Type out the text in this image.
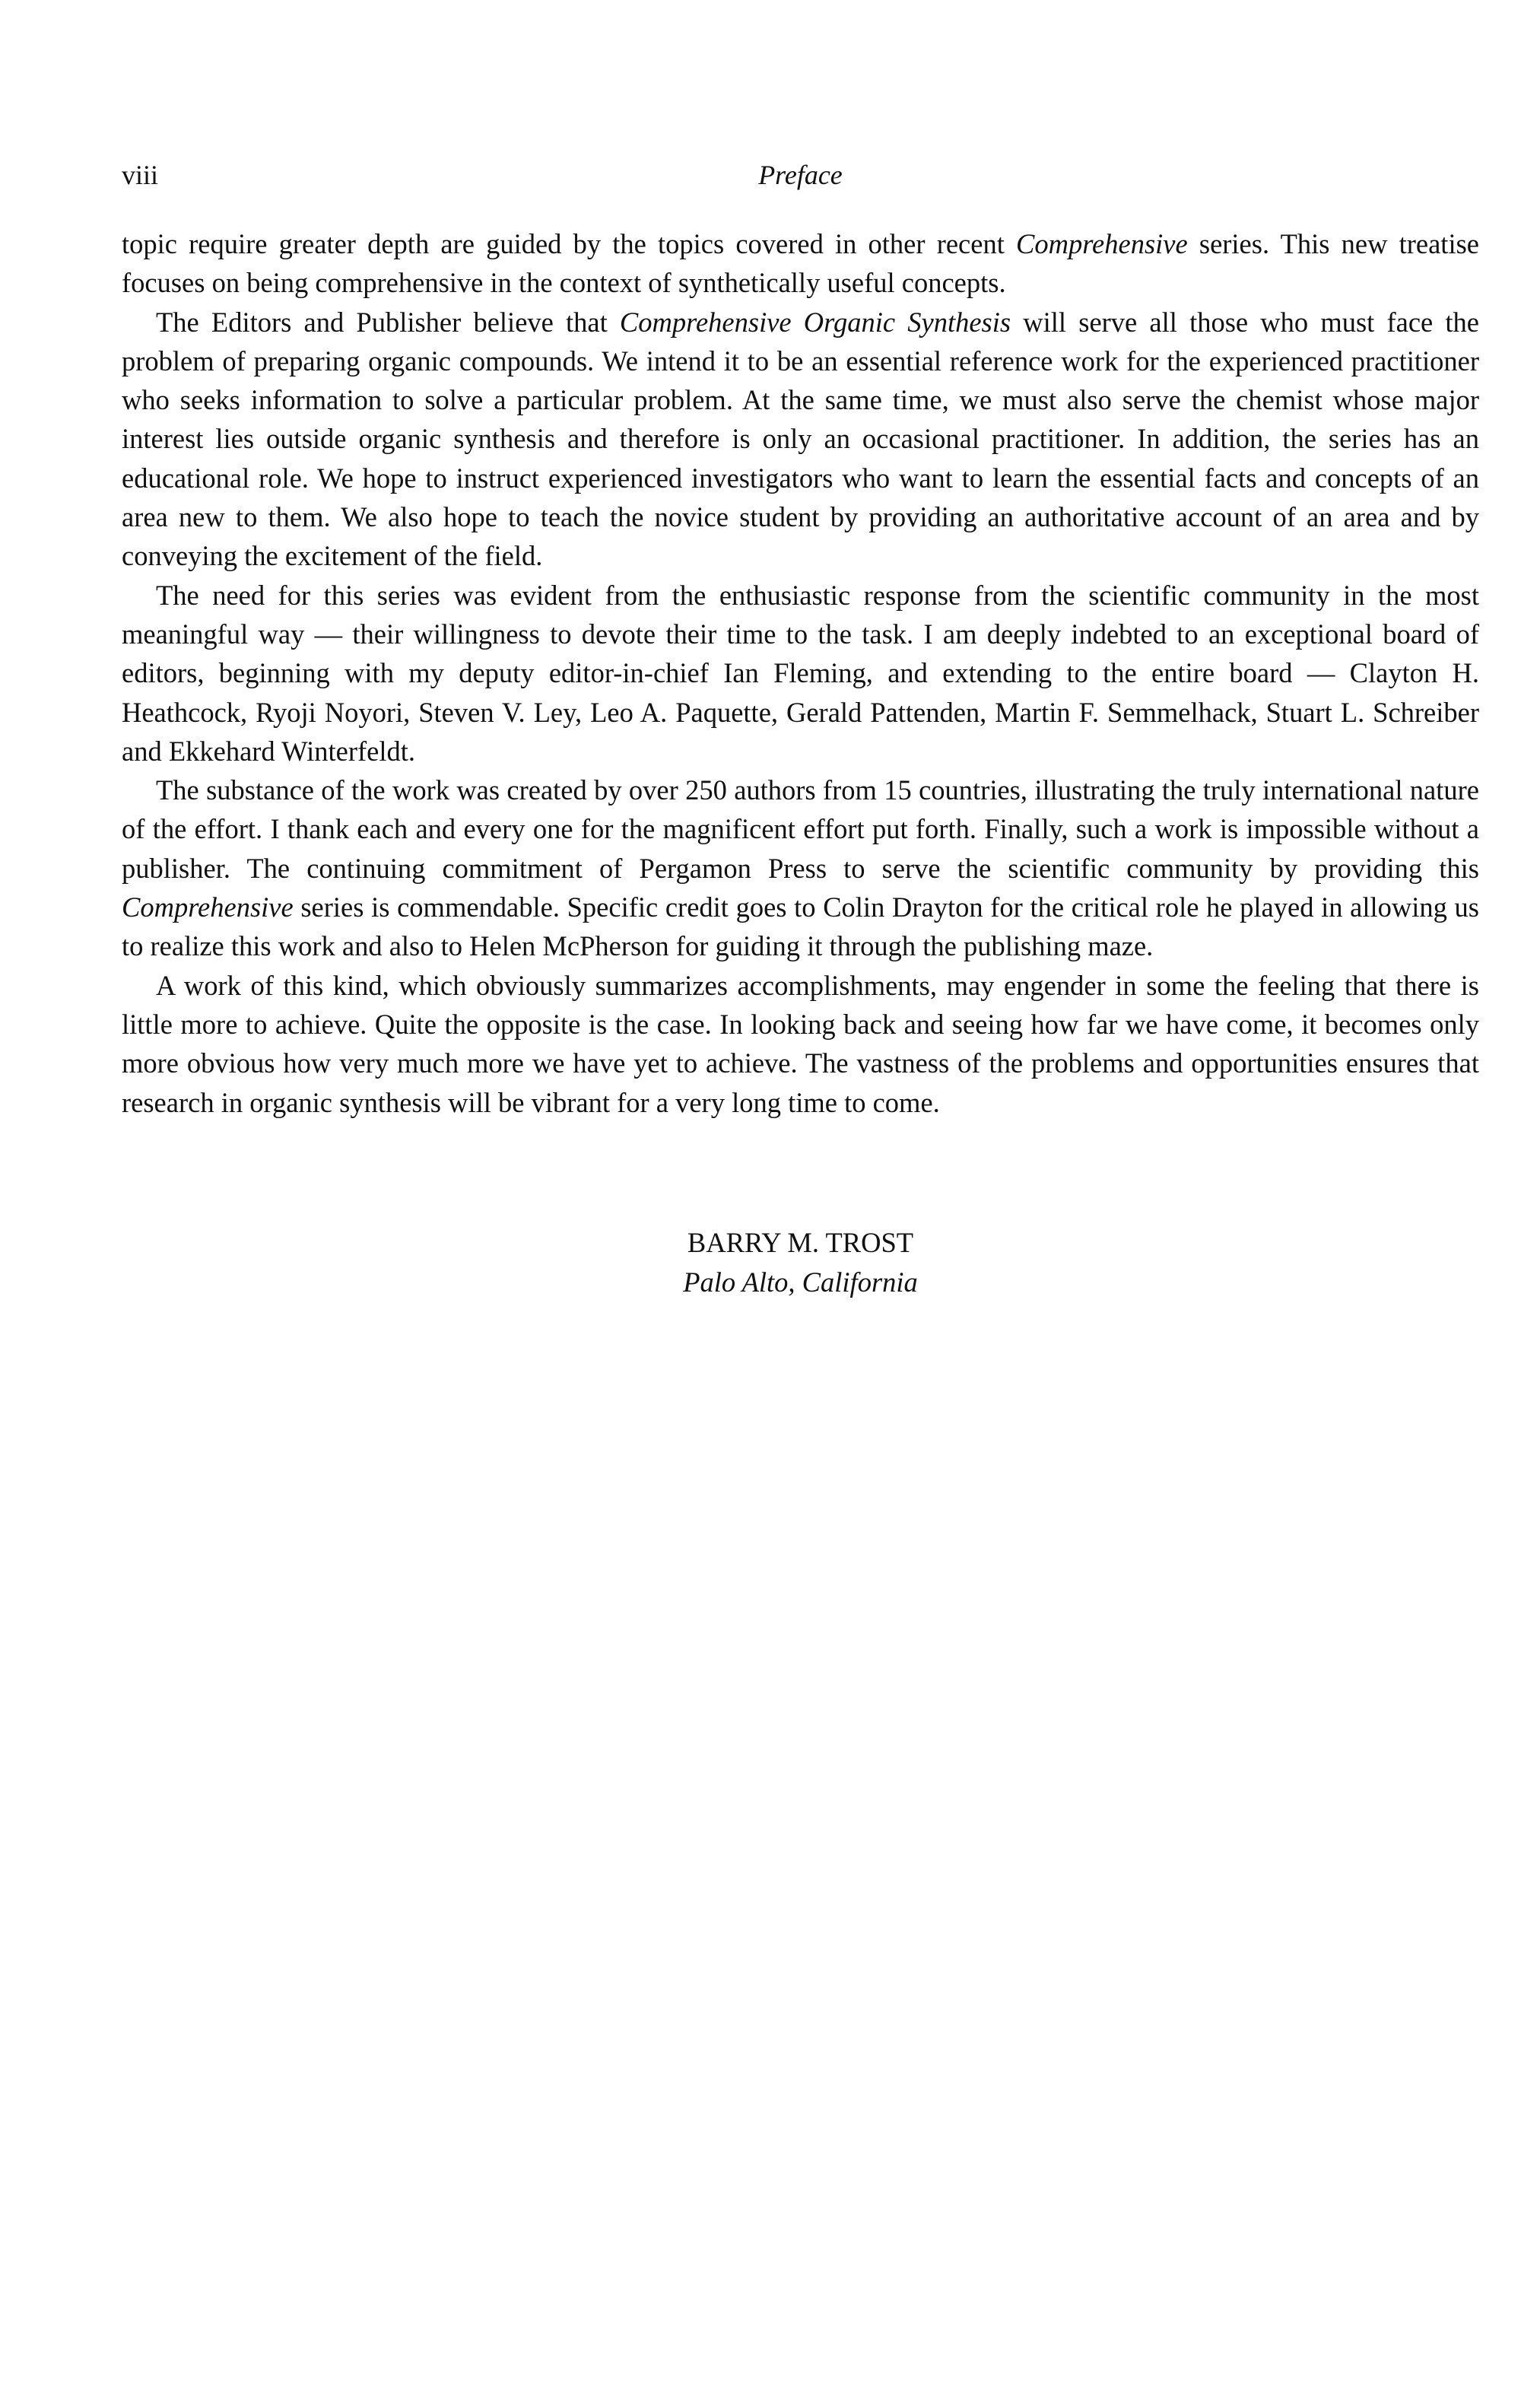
viii	Preface

topic require greater depth are guided by the topics covered in other recent Comprehensive series. This new treatise focuses on being comprehensive in the context of synthetically useful concepts.

The Editors and Publisher believe that Comprehensive Organic Synthesis will serve all those who must face the problem of preparing organic compounds. We intend it to be an essential reference work for the experienced practitioner who seeks information to solve a particular problem. At the same time, we must also serve the chemist whose major interest lies outside organic synthesis and therefore is only an occasional practitioner. In addition, the series has an educational role. We hope to instruct experienced investigators who want to learn the essential facts and concepts of an area new to them. We also hope to teach the novice student by providing an authoritative account of an area and by conveying the excitement of the field.

The need for this series was evident from the enthusiastic response from the scientific community in the most meaningful way — their willingness to devote their time to the task. I am deeply indebted to an exceptional board of editors, beginning with my deputy editor-in-chief Ian Fleming, and extending to the entire board — Clayton H. Heathcock, Ryoji Noyori, Steven V. Ley, Leo A. Paquette, Gerald Pattenden, Martin F. Semmelhack, Stuart L. Schreiber and Ekkehard Winterfeldt.

The substance of the work was created by over 250 authors from 15 countries, illustrating the truly international nature of the effort. I thank each and every one for the magnificent effort put forth. Finally, such a work is impossible without a publisher. The continuing commitment of Pergamon Press to serve the scientific community by providing this Comprehensive series is commendable. Specific credit goes to Colin Drayton for the critical role he played in allowing us to realize this work and also to Helen McPherson for guiding it through the publishing maze.

A work of this kind, which obviously summarizes accomplishments, may engender in some the feeling that there is little more to achieve. Quite the opposite is the case. In looking back and seeing how far we have come, it becomes only more obvious how very much more we have yet to achieve. The vastness of the problems and opportunities ensures that research in organic synthesis will be vibrant for a very long time to come.

BARRY M. TROST
Palo Alto, California
